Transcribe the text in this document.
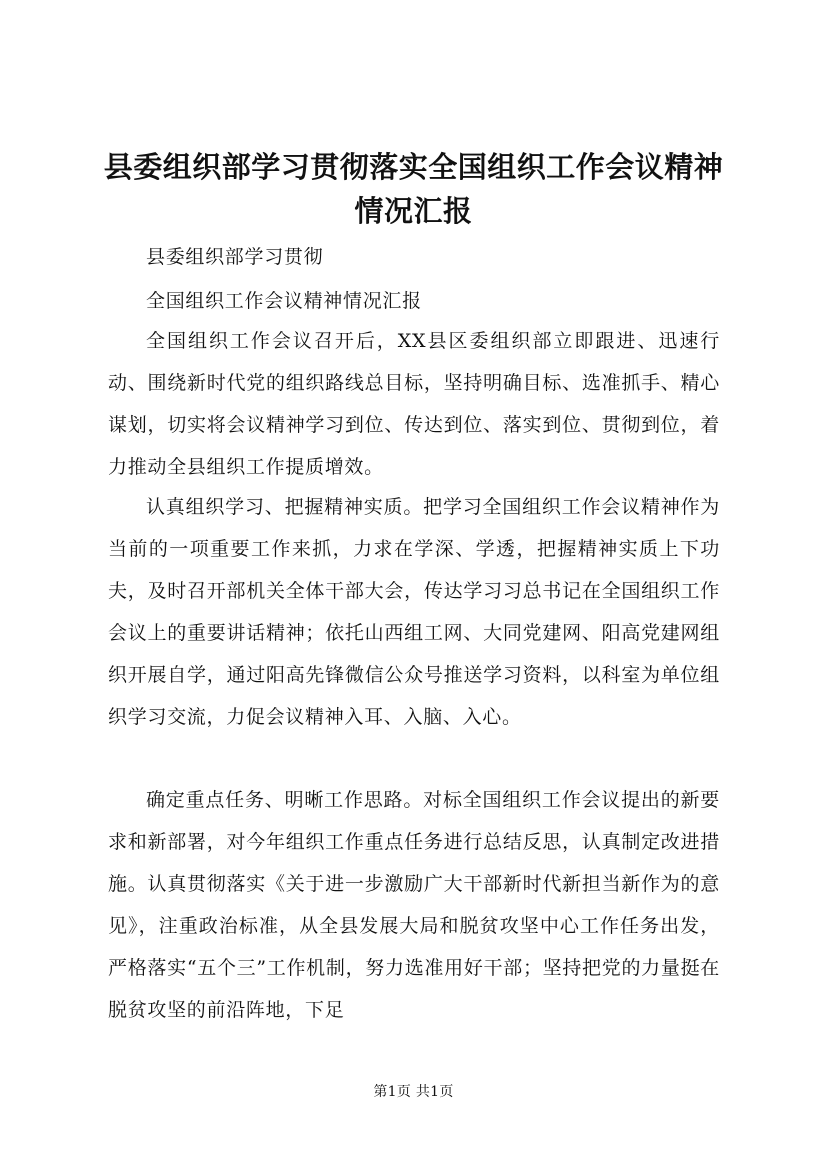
县委组织部学习贯彻落实全国组织工作会议精神情况汇报

县委组织部学习贯彻

全国组织工作会议精神情况汇报

全国组织工作会议召开后，XX县区委组织部立即跟进、迅速行动、围绕新时代党的组织路线总目标，坚持明确目标、选准抓手、精心谋划，切实将会议精神学习到位、传达到位、落实到位、贯彻到位，着力推动全县组织工作提质增效。

认真组织学习、把握精神实质。把学习全国组织工作会议精神作为当前的一项重要工作来抓，力求在学深、学透，把握精神实质上下功夫，及时召开部机关全体干部大会，传达学习习总书记在全国组织工作会议上的重要讲话精神；依托山西组工网、大同党建网、阳高党建网组织开展自学，通过阳高先锋微信公众号推送学习资料，以科室为单位组织学习交流，力促会议精神入耳、入脑、入心。

确定重点任务、明晰工作思路。对标全国组织工作会议提出的新要求和新部署，对今年组织工作重点任务进行总结反思，认真制定改进措施。认真贯彻落实《关于进一步激励广大干部新时代新担当新作为的意见》，注重政治标准，从全县发展大局和脱贫攻坚中心工作任务出发，严格落实“五个三”工作机制，努力选准用好干部；坚持把党的力量挺在脱贫攻坚的前沿阵地，下足

第1页 共1页
